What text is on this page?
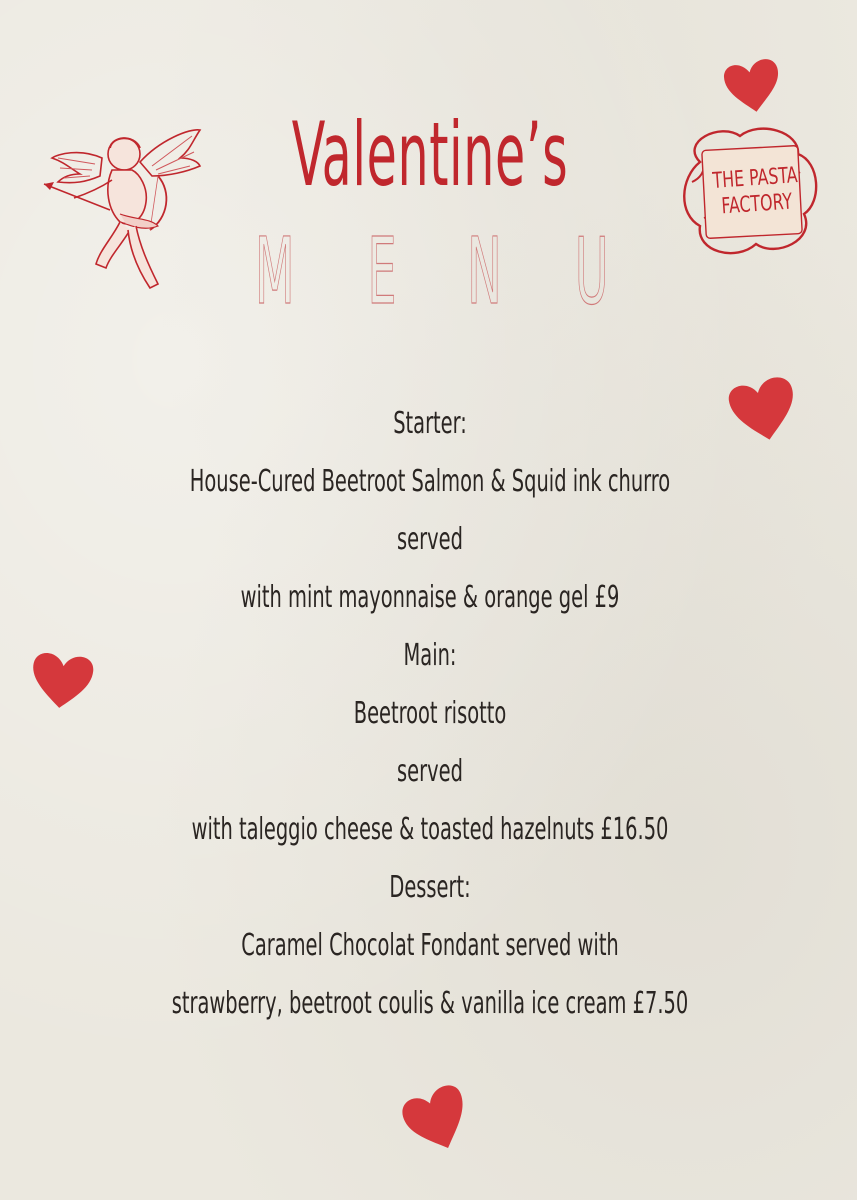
Valentine’s
M E N U
THE PASTA
FACTORY
Starter:
House-Cured Beetroot Salmon & Squid ink churro
served
with mint mayonnaise & orange gel £9
Main:
Beetroot risotto
served
with taleggio cheese & toasted hazelnuts £16.50
Dessert:
Caramel Chocolat Fondant served with
strawberry, beetroot coulis & vanilla ice cream £7.50
